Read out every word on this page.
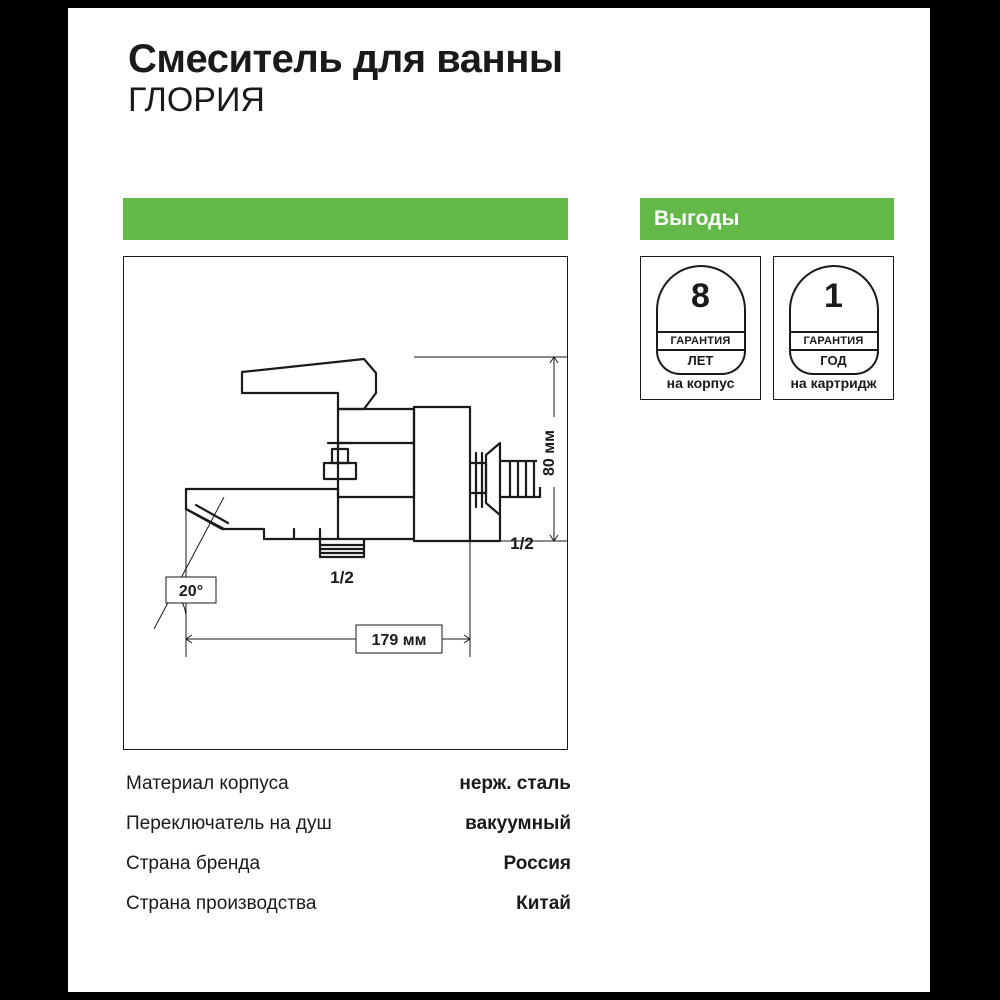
Смеситель для ванны
ГЛОРИЯ
Выгоды
80 мм
179 мм
20°
1/2
1/2
8
ГАРАНТИЯ
ЛЕТ
на корпус
1
ГАРАНТИЯ
ГОД
на картридж
Материал корпуса	нерж. сталь
Переключатель на душ	вакуумный
Страна бренда	Россия
Страна производства	Китай
